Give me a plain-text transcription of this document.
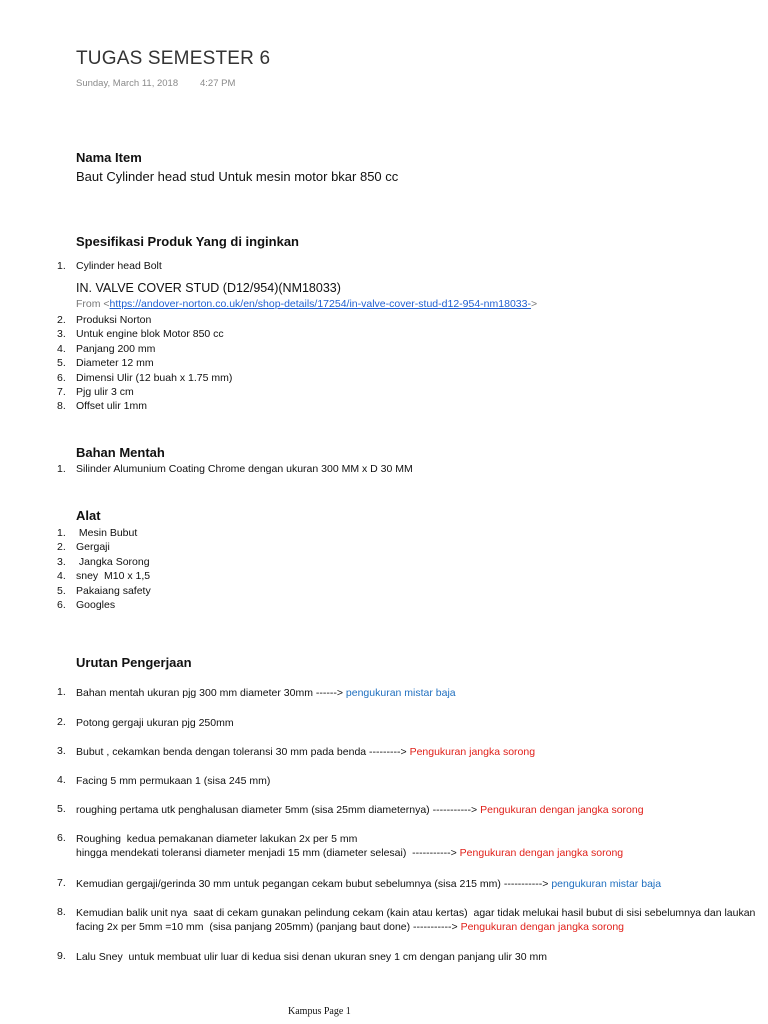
TUGAS SEMESTER 6
Sunday, March 11, 2018 4:27 PM
Nama Item
Baut Cylinder head stud Untuk mesin motor bkar 850 cc
Spesifikasi Produk Yang di inginkan
1. Cylinder head Bolt
IN. VALVE COVER STUD (D12/954)(NM18033)
From <https://andover-norton.co.uk/en/shop-details/17254/in-valve-cover-stud-d12-954-nm18033->
2. Produksi Norton
3. Untuk engine blok Motor 850 cc
4. Panjang 200 mm
5. Diameter 12 mm
6. Dimensi Ulir (12 buah x 1.75 mm)
7. Pjg ulir 3 cm
8. Offset ulir 1mm
Bahan Mentah
1. Silinder Alumunium Coating Chrome dengan ukuran 300 MM x D 30 MM
Alat
1. Mesin Bubut
2. Gergaji
3. Jangka Sorong
4. sney  M10 x 1,5
5. Pakaiang safety
6. Googles
Urutan Pengerjaan
1. Bahan mentah ukuran pjg 300 mm diameter 30mm ------> pengukuran mistar baja
2. Potong gergaji ukuran pjg 250mm
3. Bubut , cekamkan benda dengan toleransi 30 mm pada benda ---------> Pengukuran jangka sorong
4. Facing 5 mm permukaan 1 (sisa 245 mm)
5. roughing pertama utk penghalusan diameter 5mm (sisa 25mm diameternya) -----------> Pengukuran dengan jangka sorong
6. Roughing  kedua pemakanan diameter lakukan 2x per 5 mm
hingga mendekati toleransi diameter menjadi 15 mm (diameter selesai)  -----------> Pengukuran dengan jangka sorong
7. Kemudian gergaji/gerinda 30 mm untuk pegangan cekam bubut sebelumnya (sisa 215 mm) -----------> pengukuran mistar baja
8. Kemudian balik unit nya  saat di cekam gunakan pelindung cekam (kain atau kertas)  agar tidak melukai hasil bubut di sisi sebelumnya dan laukan
facing 2x per 5mm =10 mm  (sisa panjang 205mm) (panjang baut done) -----------> Pengukuran dengan jangka sorong
9. Lalu Sney  untuk membuat ulir luar di kedua sisi denan ukuran sney 1 cm dengan panjang ulir 30 mm
Kampus Page 1
